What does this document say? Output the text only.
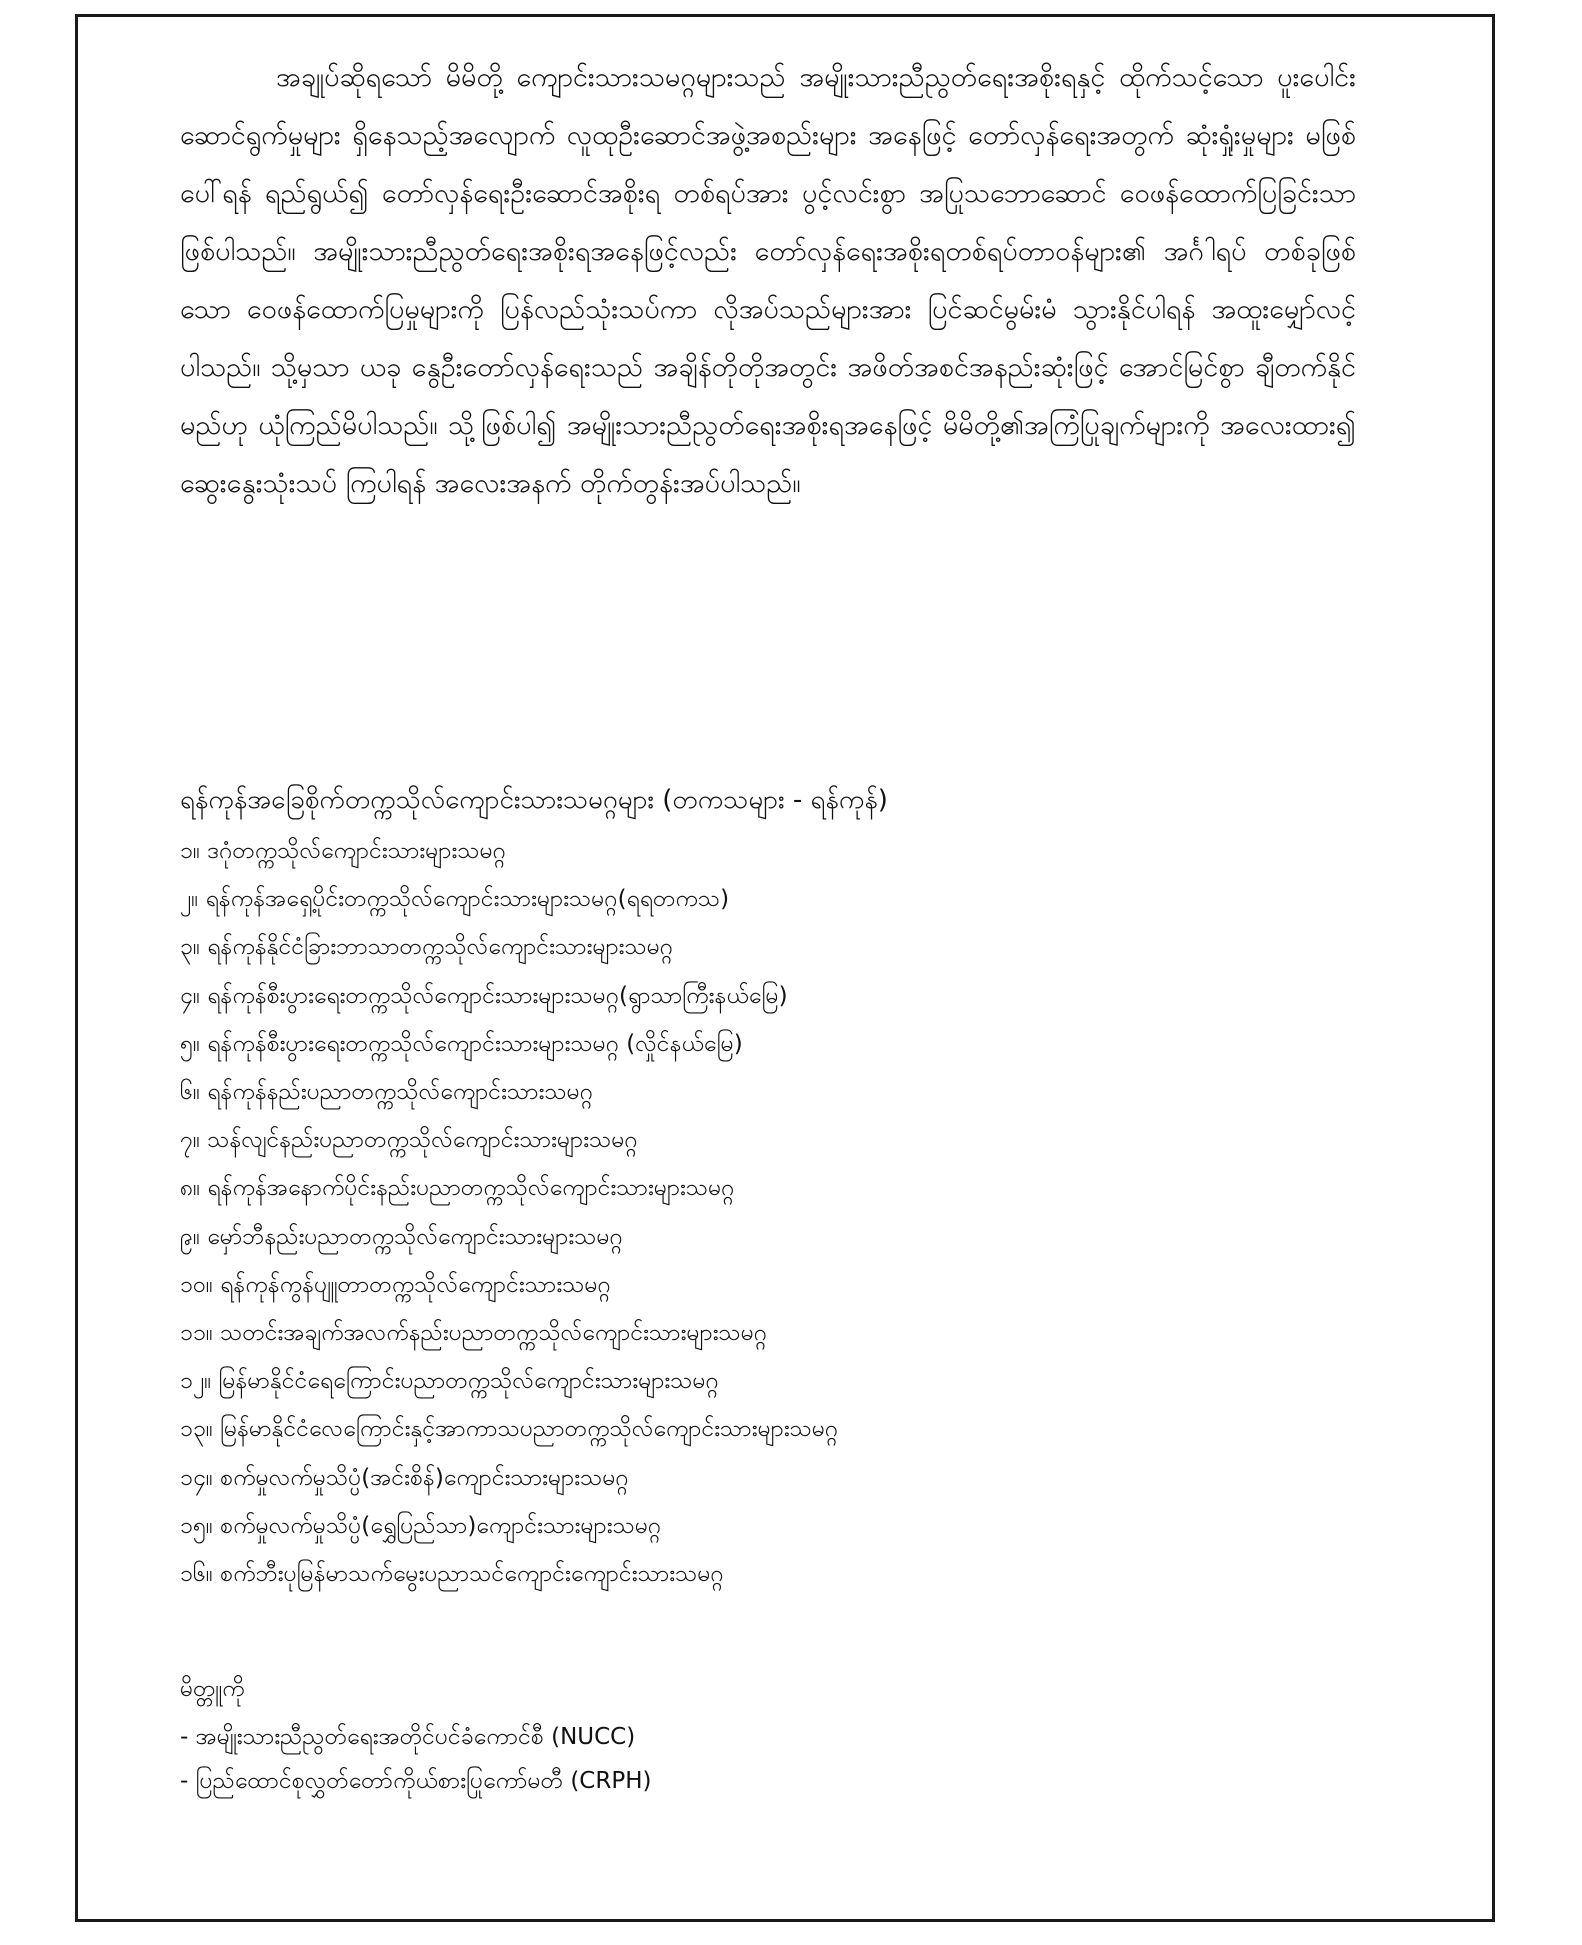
အချုပ်ဆိုရသော် မိမိတို့ ကျောင်းသားသမဂ္ဂများသည် အမျိုးသားညီညွတ်ရေးအစိုးရနှင့် ထိုက်သင့်သော ပူးပေါင်းဆောင်ရွက်မှုများ ရှိနေသည့်အလျောက် လူထုဦးဆောင်အဖွဲ့အစည်းများ အနေဖြင့် တော်လှန်ရေးအတွက် ဆုံးရှုံးမှုများ မဖြစ်ပေါ်ရန် ရည်ရွယ်၍ တော်လှန်ရေးဦးဆောင်အစိုးရ တစ်ရပ်အား ပွင့်လင်းစွာ အပြုသဘောဆောင် ဝေဖန်ထောက်ပြခြင်းသာ ဖြစ်ပါသည်။ အမျိုးသားညီညွတ်ရေးအစိုးရအနေဖြင့်လည်း တော်လှန်ရေးအစိုးရတစ်ရပ်တာဝန်များ၏ အင်္ဂါရပ် တစ်ခုဖြစ်သော ဝေဖန်ထောက်ပြမှုများကို ပြန်လည်သုံးသပ်ကာ လိုအပ်သည်များအား ပြင်ဆင်မွမ်းမံ သွားနိုင်ပါရန် အထူးမျှော်လင့်ပါသည်။ သို့မှသာ ယခု နွေဦးတော်လှန်ရေးသည် အချိန်တိုတိုအတွင်း အဖိတ်အစင်အနည်းဆုံးဖြင့် အောင်မြင်စွာ ချီတက်နိုင်မည်ဟု ယုံကြည်မိပါသည်။ သို့ဖြစ်ပါ၍ အမျိုးသားညီညွတ်ရေးအစိုးရအနေဖြင့် မိမိတို့၏အကြံပြုချက်များကို အလေးထား၍ ဆွေးနွေးသုံးသပ် ကြပါရန် အလေးအနက် တိုက်တွန်းအပ်ပါသည်။

ရန်ကုန်အခြေစိုက်တက္ကသိုလ်ကျောင်းသားသမဂ္ဂများ (တကသများ - ရန်ကုန်)

၁။ ဒဂုံတက္ကသိုလ်ကျောင်းသားများသမဂ္ဂ
၂။ ရန်ကုန်အရှေ့ပိုင်းတက္ကသိုလ်ကျောင်းသားများသမဂ္ဂ(ရရတကသ)
၃။ ရန်ကုန်နိုင်ငံခြားဘာသာတက္ကသိုလ်ကျောင်းသားများသမဂ္ဂ
၄။ ရန်ကုန်စီးပွားရေးတက္ကသိုလ်ကျောင်းသားများသမဂ္ဂ(ရွာသာကြီးနယ်မြေ)
၅။ ရန်ကုန်စီးပွားရေးတက္ကသိုလ်ကျောင်းသားများသမဂ္ဂ (လှိုင်နယ်မြေ)
၆။ ရန်ကုန်နည်းပညာတက္ကသိုလ်ကျောင်းသားသမဂ္ဂ
၇။ သန်လျင်နည်းပညာတက္ကသိုလ်ကျောင်းသားများသမဂ္ဂ
၈။ ရန်ကုန်အနောက်ပိုင်းနည်းပညာတက္ကသိုလ်ကျောင်းသားများသမဂ္ဂ
၉။ မှော်ဘီနည်းပညာတက္ကသိုလ်ကျောင်းသားများသမဂ္ဂ
၁၀။ ရန်ကုန်ကွန်ပျူတာတက္ကသိုလ်ကျောင်းသားသမဂ္ဂ
၁၁။ သတင်းအချက်အလက်နည်းပညာတက္ကသိုလ်ကျောင်းသားများသမဂ္ဂ
၁၂။ မြန်မာနိုင်ငံရေကြောင်းပညာတက္ကသိုလ်ကျောင်းသားများသမဂ္ဂ
၁၃။ မြန်မာနိုင်ငံလေကြောင်းနှင့်အာကာသပညာတက္ကသိုလ်ကျောင်းသားများသမဂ္ဂ
၁၄။ စက်မှုလက်မှုသိပ္ပံ(အင်းစိန်)ကျောင်းသားများသမဂ္ဂ
၁၅။ စက်မှုလက်မှုသိပ္ပံ(ရွှေပြည်သာ)ကျောင်းသားများသမဂ္ဂ
၁၆။ စက်ဘီးပုမြန်မာသက်မွေးပညာသင်ကျောင်းကျောင်းသားသမဂ္ဂ

မိတ္တူကို

- အမျိုးသားညီညွတ်ရေးအတိုင်ပင်ခံကောင်စီ (NUCC)
- ပြည်ထောင်စုလွှတ်တော်ကိုယ်စားပြုကော်မတီ (CRPH)
